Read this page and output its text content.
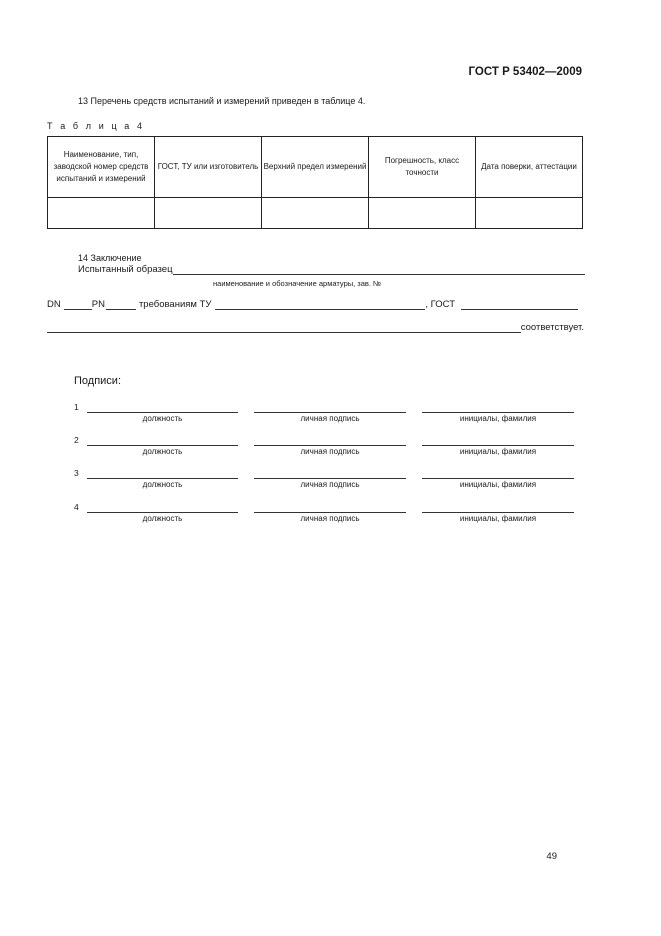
ГОСТ Р 53402—2009
13 Перечень средств испытаний и измерений приведен в таблице 4.
Т а б л и ц а 4
Наименование, тип, заводской номер средств испытаний и измерений	ГОСТ, ТУ или изготовитель	Верхний предел измерений	Погрешность, класс точности	Дата поверки, аттестации

14 Заключение
Испытанный образец
наименование и обозначение арматуры, зав. №
DN	PN	требованиям ТУ	, ГОСТ
соответствует.
Подписи:
1
должность	личная подпись	инициалы, фамилия
2
должность	личная подпись	инициалы, фамилия
3
должность	личная подпись	инициалы, фамилия
4
должность	личная подпись	инициалы, фамилия
49
